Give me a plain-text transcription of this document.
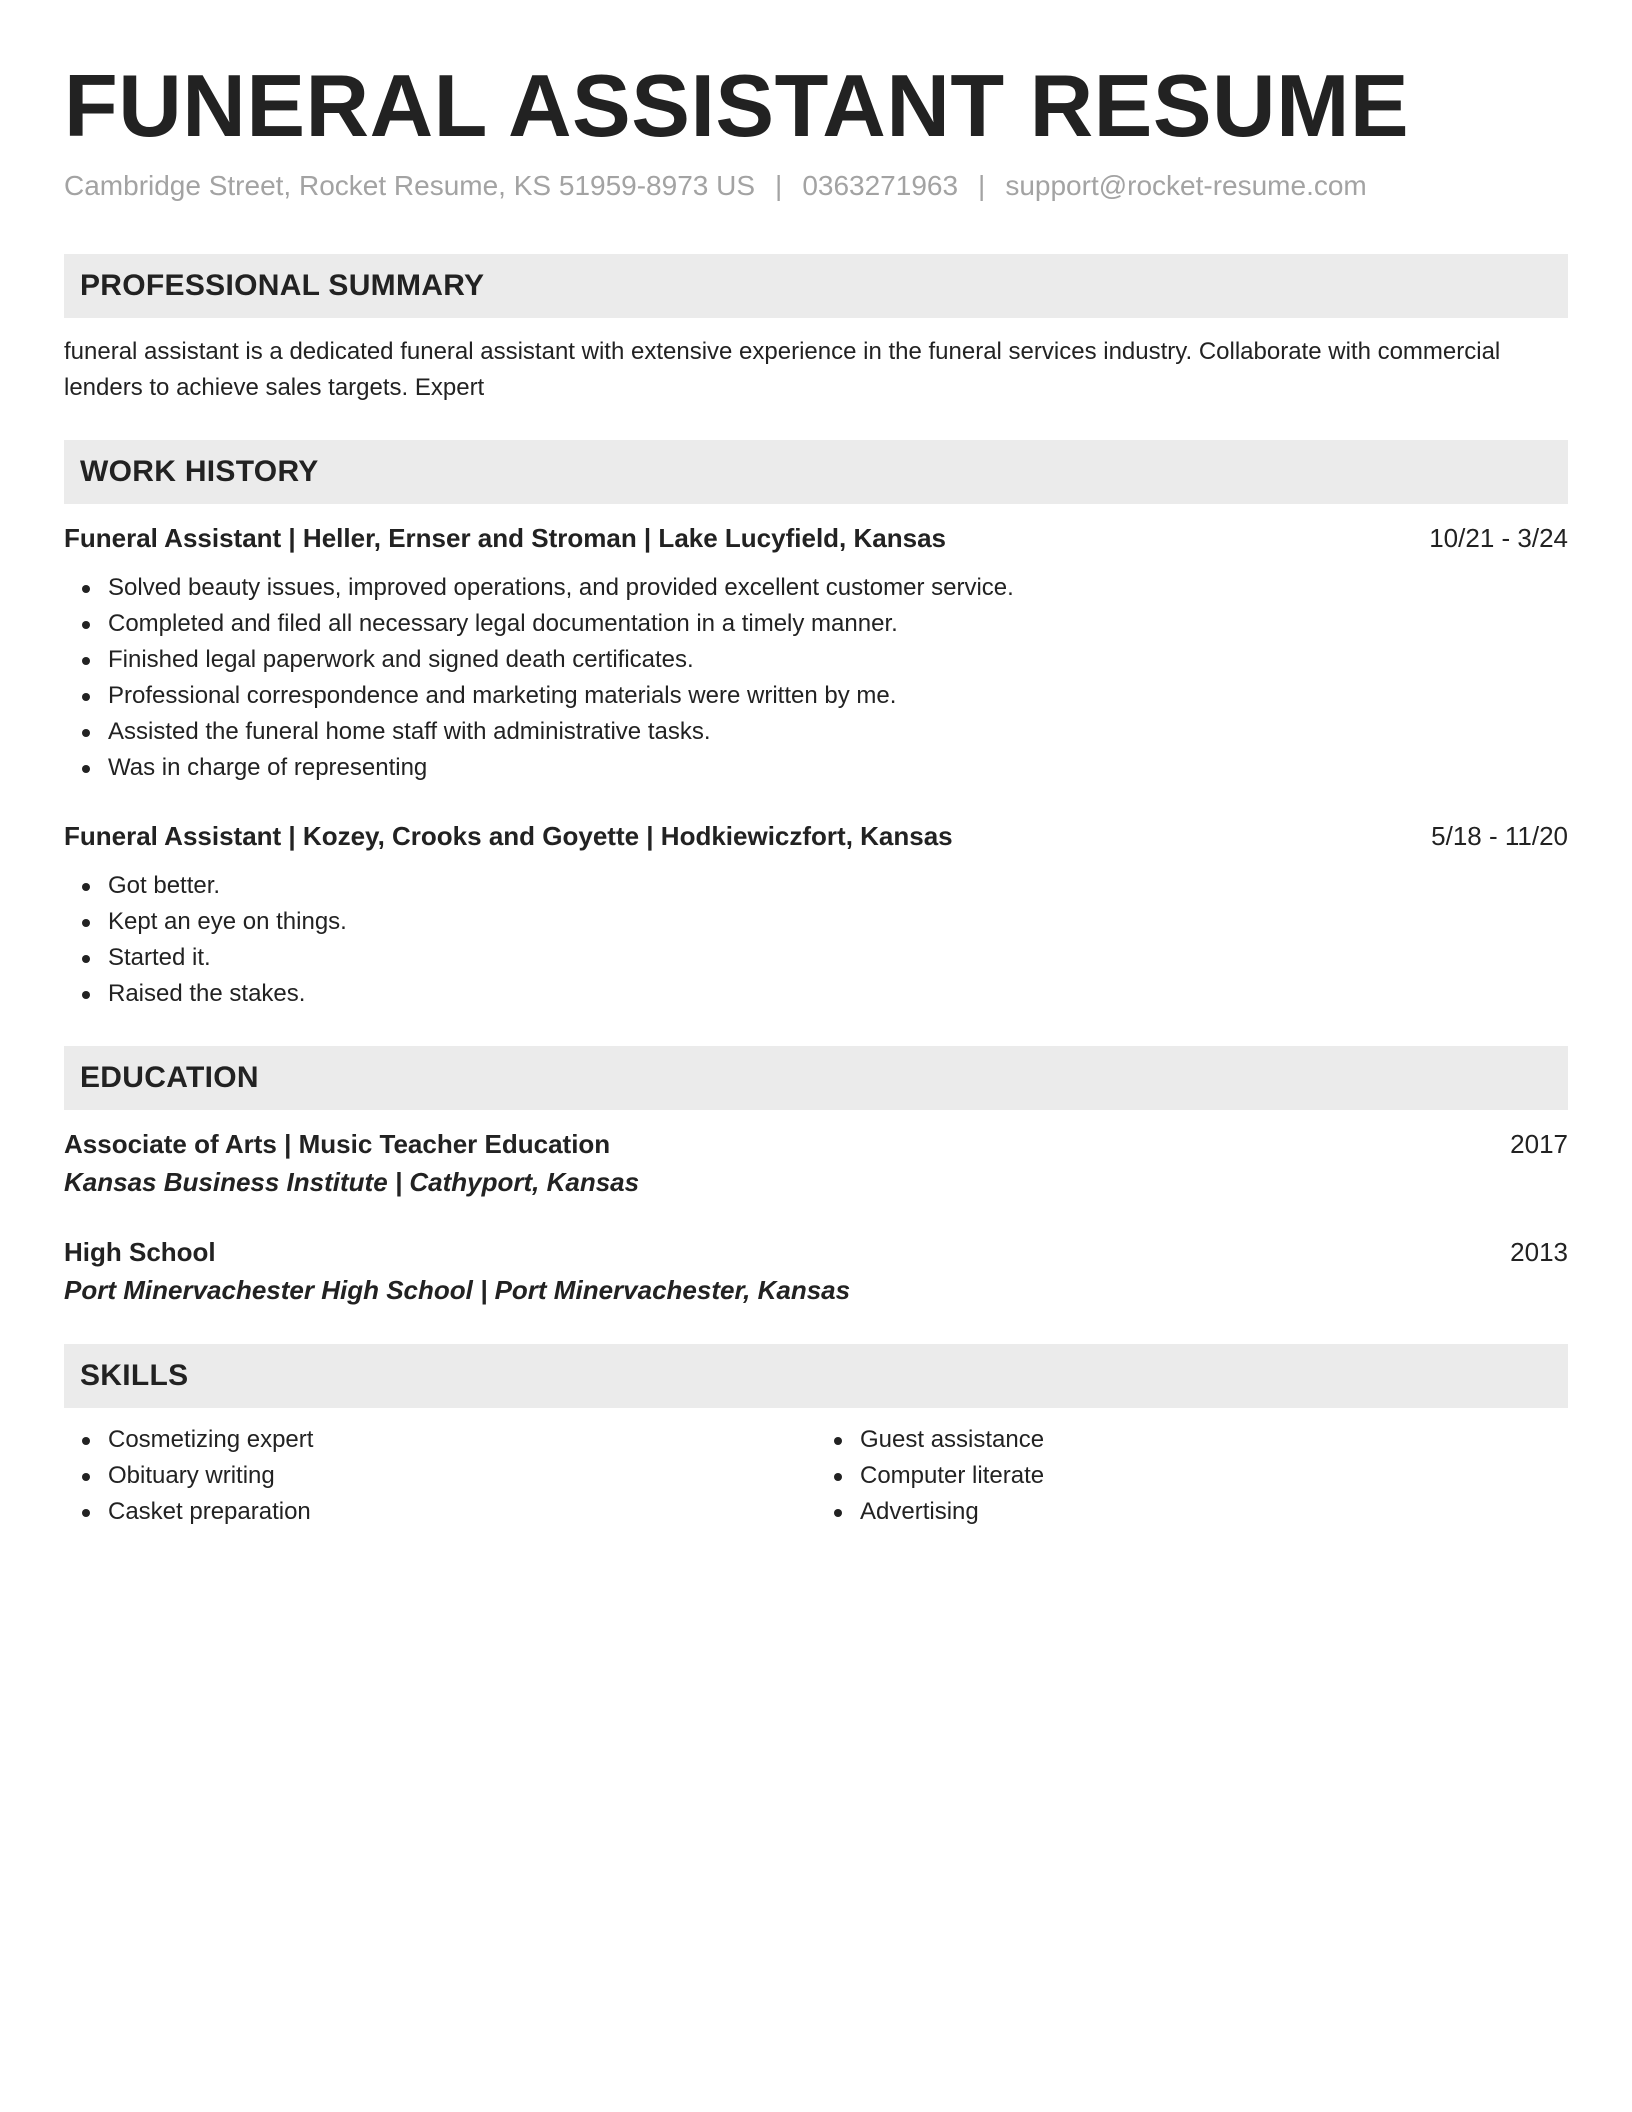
FUNERAL ASSISTANT RESUME
Cambridge Street, Rocket Resume, KS 51959-8973 US | 0363271963 | support@rocket-resume.com
PROFESSIONAL SUMMARY
funeral assistant is a dedicated funeral assistant with extensive experience in the funeral services industry. Collaborate with commercial lenders to achieve sales targets. Expert
WORK HISTORY
Funeral Assistant | Heller, Ernser and Stroman | Lake Lucyfield, Kansas	10/21 - 3/24
Solved beauty issues, improved operations, and provided excellent customer service.
Completed and filed all necessary legal documentation in a timely manner.
Finished legal paperwork and signed death certificates.
Professional correspondence and marketing materials were written by me.
Assisted the funeral home staff with administrative tasks.
Was in charge of representing
Funeral Assistant | Kozey, Crooks and Goyette | Hodkiewiczfort, Kansas	5/18 - 11/20
Got better.
Kept an eye on things.
Started it.
Raised the stakes.
EDUCATION
Associate of Arts | Music Teacher Education	2017
Kansas Business Institute | Cathyport, Kansas
High School	2013
Port Minervachester High School | Port Minervachester, Kansas
SKILLS
Cosmetizing expert
Obituary writing
Casket preparation
Guest assistance
Computer literate
Advertising
